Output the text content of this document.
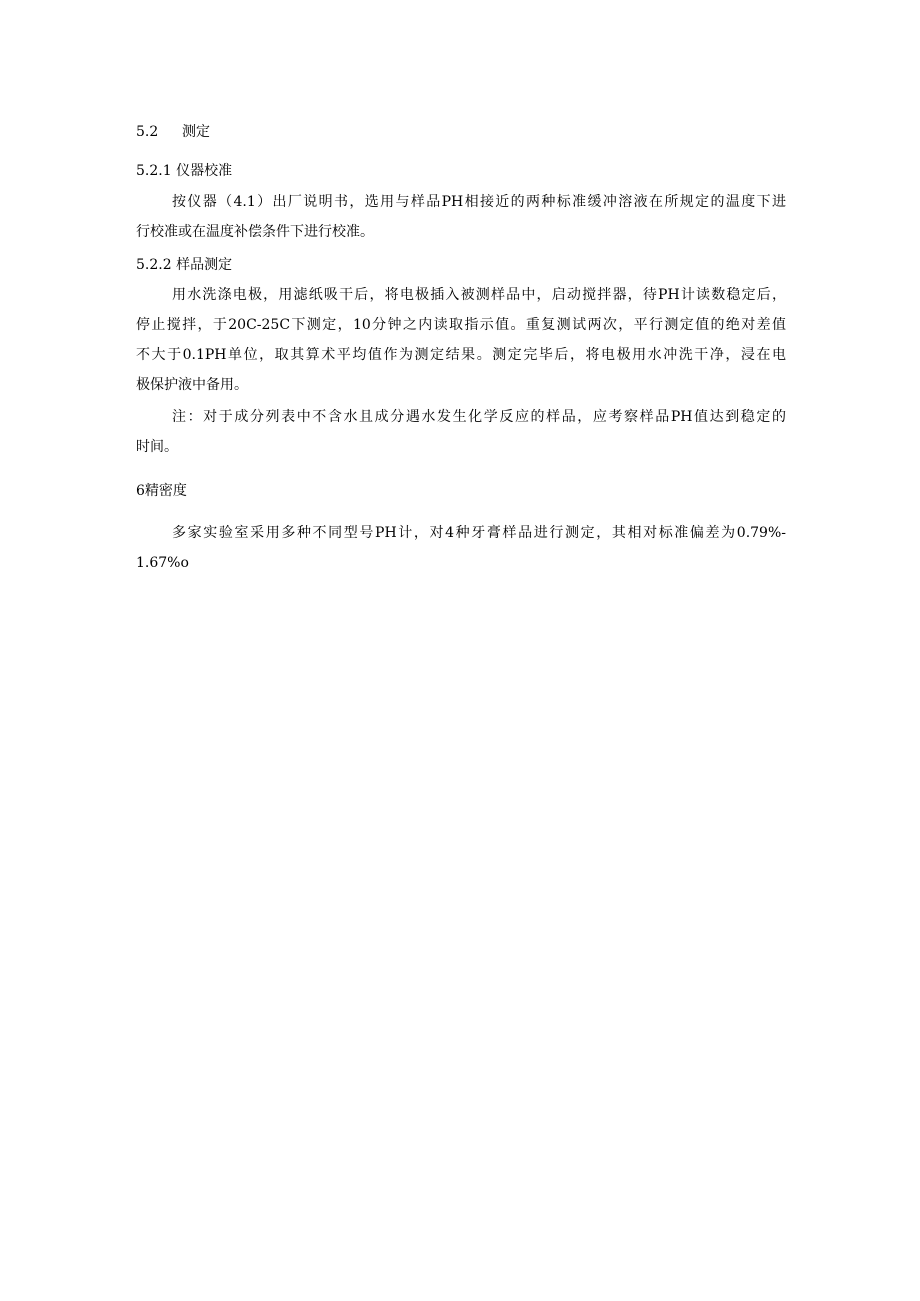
5.2 测定
5.2.1 仪器校准
按仪器（4.1）出厂说明书，选用与样品PH相接近的两种标准缓冲溶液在所规定的温度下进
行校准或在温度补偿条件下进行校准。
5.2.2 样品测定
用水洗涤电极，用滤纸吸干后，将电极插入被测样品中，启动搅拌器，待PH计读数稳定后，
停止搅拌，于20C-25C下测定，10分钟之内读取指示值。重复测试两次，平行测定值的绝对差值
不大于0.1PH单位，取其算术平均值作为测定结果。测定完毕后，将电极用水冲洗干净，浸在电
极保护液中备用。
注：对于成分列表中不含水且成分遇水发生化学反应的样品，应考察样品PH值达到稳定的
时间。
6精密度
多家实验室采用多种不同型号PH计，对4种牙膏样品进行测定，其相对标准偏差为0.79%-
1.67%o
